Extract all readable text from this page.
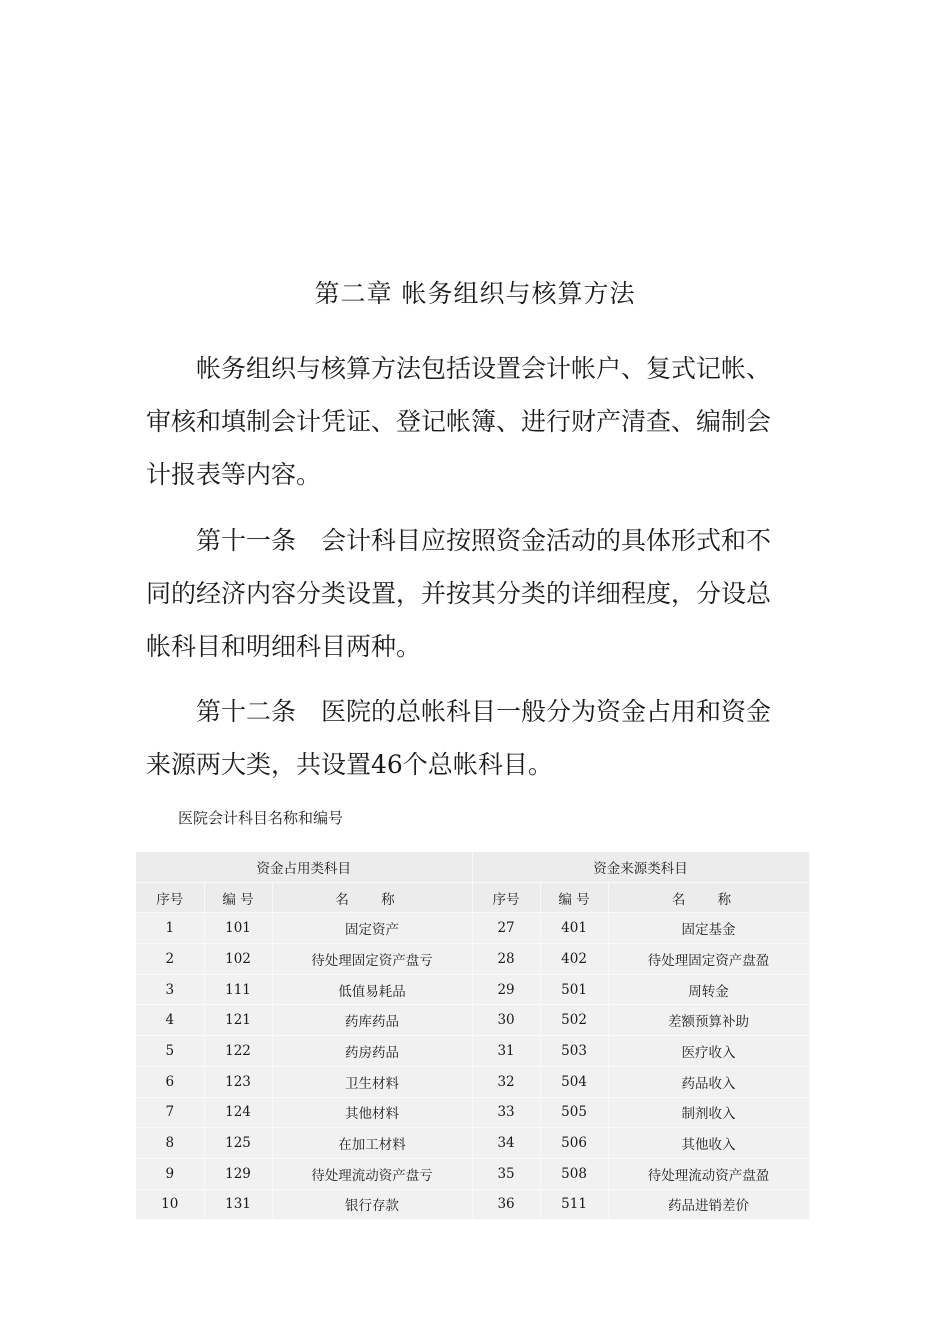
第二章 帐务组织与核算方法

帐务组织与核算方法包括设置会计帐户、复式记帐、审核和填制会计凭证、登记帐簿、进行财产清查、编制会计报表等内容。

第十一条　会计科目应按照资金活动的具体形式和不同的经济内容分类设置，并按其分类的详细程度，分设总帐科目和明细科目两种。

第十二条　医院的总帐科目一般分为资金占用和资金来源两大类，共设置46个总帐科目。

医院会计科目名称和编号
资金占用类科目			资金来源类科目		
序号	编 号	名 称	序号	编 号	名 称
1	101	固定资产	27	401	固定基金
2	102	待处理固定资产盘亏	28	402	待处理固定资产盘盈
3	111	低值易耗品	29	501	周转金
4	121	药库药品	30	502	差额预算补助
5	122	药房药品	31	503	医疗收入
6	123	卫生材料	32	504	药品收入
7	124	其他材料	33	505	制剂收入
8	125	在加工材料	34	506	其他收入
9	129	待处理流动资产盘亏	35	508	待处理流动资产盘盈
10	131	银行存款	36	511	药品进销差价
